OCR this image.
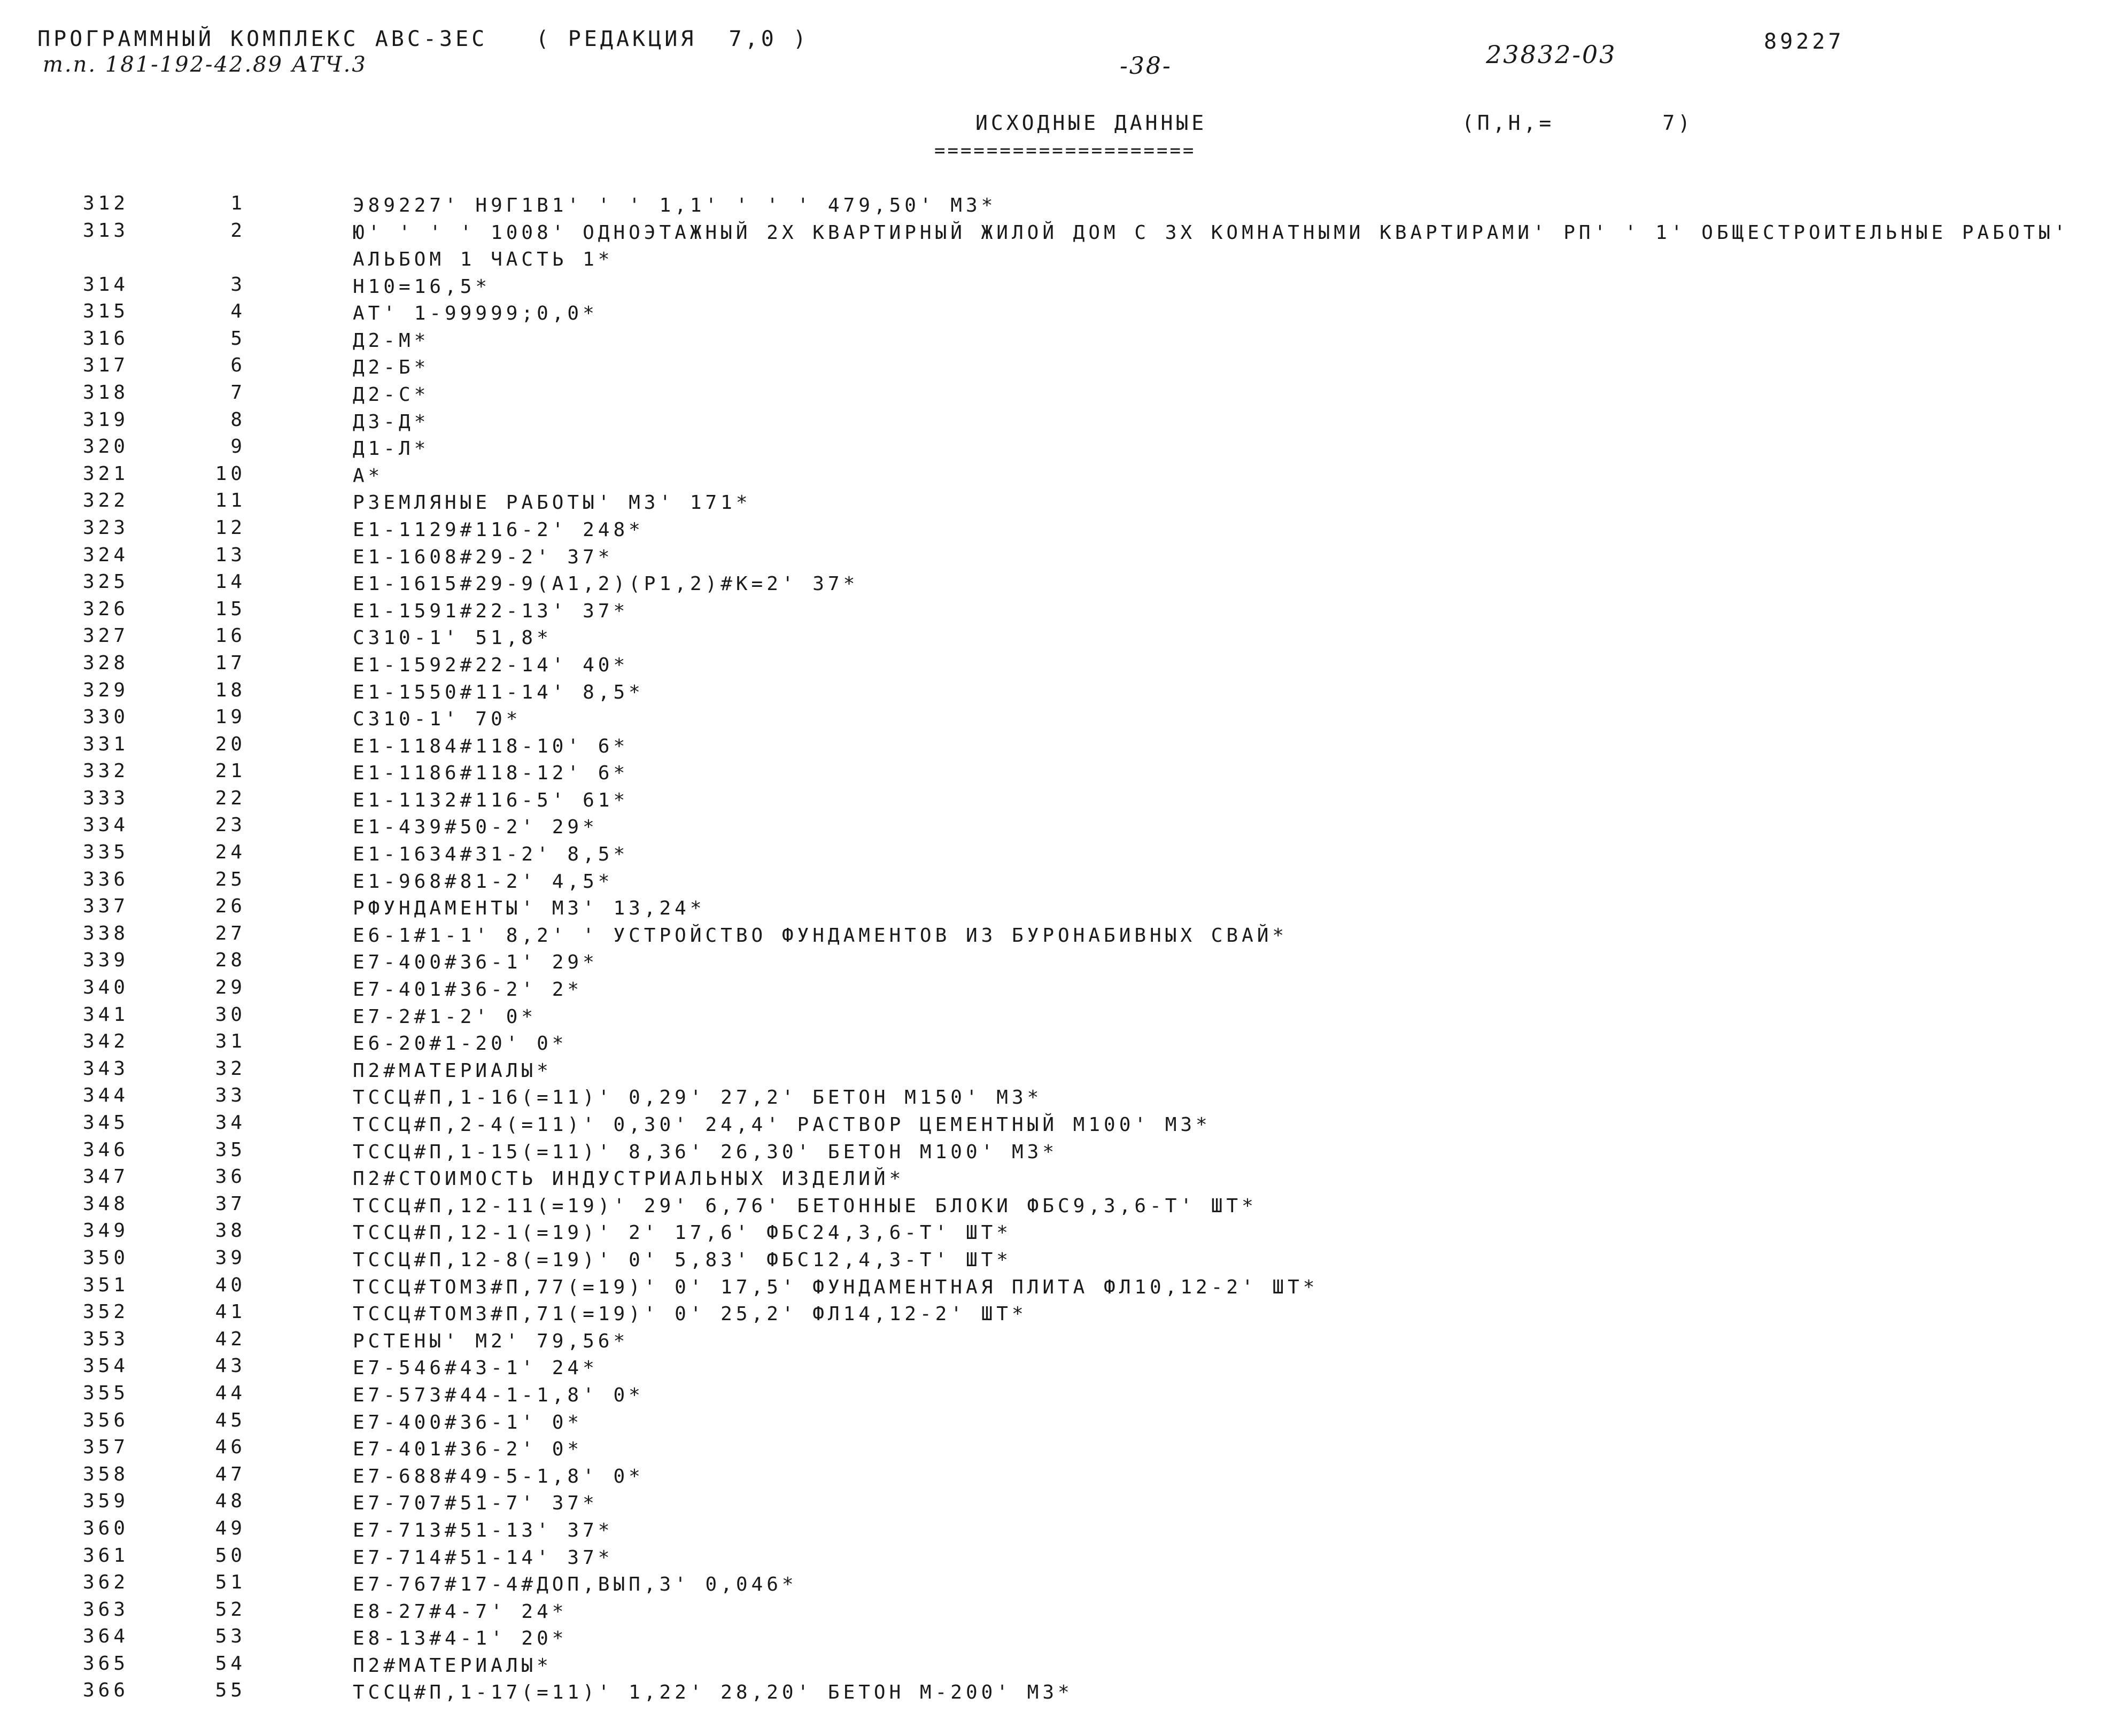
ПРОГРАММНЫЙ КОМПЛЕКС АВС-3ЕС   ( РЕДАКЦИЯ  7,0 )
т.п. 181-192-42.89 АТЧ.3	-38-	23832-03	89227
ИСХОДНЫЕ ДАННЫЕ
====================
(П,Н,=       7)
312	1	Э89227' Н9Г1В1' ' ' 1,1' ' ' ' 479,50' М3*
313	2	Ю' ' ' ' 1008' ОДНОЭТАЖНЫЙ 2Х КВАРТИРНЫЙ ЖИЛОЙ ДОМ С 3Х КОМНАТНЫМИ КВАРТИРАМИ' РП' ' 1' ОБЩЕСТРОИТЕЛЬНЫЕ РАБОТЫ' АЛЬБОМ 1 ЧАСТЬ 1*
314	3	Н10=16,5*
315	4	АТ' 1-99999;0,0*
316	5	Д2-М*
317	6	Д2-Б*
318	7	Д2-С*
319	8	Д3-Д*
320	9	Д1-Л*
321	10	А*
322	11	РЗЕМЛЯНЫЕ РАБОТЫ' М3' 171*
323	12	Е1-1129#116-2' 248*
324	13	Е1-1608#29-2' 37*
325	14	Е1-1615#29-9(А1,2)(Р1,2)#К=2' 37*
326	15	Е1-1591#22-13' 37*
327	16	С310-1' 51,8*
328	17	Е1-1592#22-14' 40*
329	18	Е1-1550#11-14' 8,5*
330	19	С310-1' 70*
331	20	Е1-1184#118-10' 6*
332	21	Е1-1186#118-12' 6*
333	22	Е1-1132#116-5' 61*
334	23	Е1-439#50-2' 29*
335	24	Е1-1634#31-2' 8,5*
336	25	Е1-968#81-2' 4,5*
337	26	РФУНДАМЕНТЫ' М3' 13,24*
338	27	Е6-1#1-1' 8,2' ' УСТРОЙСТВО ФУНДАМЕНТОВ ИЗ БУРОНАБИВНЫХ СВАЙ*
339	28	Е7-400#36-1' 29*
340	29	Е7-401#36-2' 2*
341	30	Е7-2#1-2' 0*
342	31	Е6-20#1-20' 0*
343	32	П2#МАТЕРИАЛЫ*
344	33	ТССЦ#П,1-16(=11)' 0,29' 27,2' БЕТОН М150' М3*
345	34	ТССЦ#П,2-4(=11)' 0,30' 24,4' РАСТВОР ЦЕМЕНТНЫЙ М100' М3*
346	35	ТССЦ#П,1-15(=11)' 8,36' 26,30' БЕТОН М100' М3*
347	36	П2#СТОИМОСТЬ ИНДУСТРИАЛЬНЫХ ИЗДЕЛИЙ*
348	37	ТССЦ#П,12-11(=19)' 29' 6,76' БЕТОННЫЕ БЛОКИ ФБС9,3,6-Т' ШТ*
349	38	ТССЦ#П,12-1(=19)' 2' 17,6' ФБС24,3,6-Т' ШТ*
350	39	ТССЦ#П,12-8(=19)' 0' 5,83' ФБС12,4,3-Т' ШТ*
351	40	ТССЦ#ТОМ3#П,77(=19)' 0' 17,5' ФУНДАМЕНТНАЯ ПЛИТА ФЛ10,12-2' ШТ*
352	41	ТССЦ#ТОМ3#П,71(=19)' 0' 25,2' ФЛ14,12-2' ШТ*
353	42	РСТЕНЫ' М2' 79,56*
354	43	Е7-546#43-1' 24*
355	44	Е7-573#44-1-1,8' 0*
356	45	Е7-400#36-1' 0*
357	46	Е7-401#36-2' 0*
358	47	Е7-688#49-5-1,8' 0*
359	48	Е7-707#51-7' 37*
360	49	Е7-713#51-13' 37*
361	50	Е7-714#51-14' 37*
362	51	Е7-767#17-4#ДОП,ВЫП,3' 0,046*
363	52	Е8-27#4-7' 24*
364	53	Е8-13#4-1' 20*
365	54	П2#МАТЕРИАЛЫ*
366	55	ТССЦ#П,1-17(=11)' 1,22' 28,20' БЕТОН М-200' М3*
